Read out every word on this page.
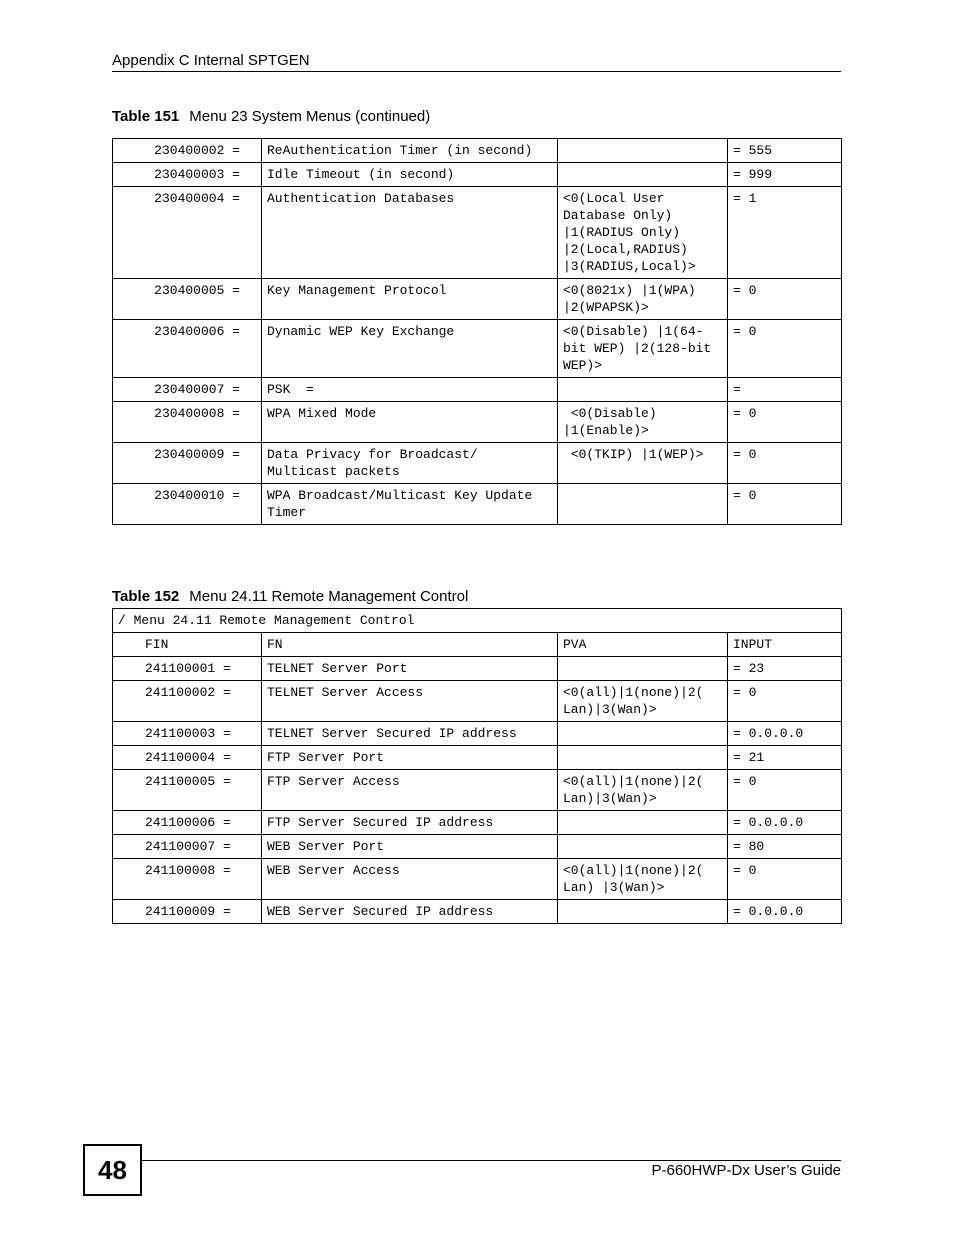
Appendix C Internal SPTGEN
Table 151 Menu 23 System Menus (continued)
230400002 =	ReAuthentication Timer (in second)		= 555
230400003 =	Idle Timeout (in second)		= 999
230400004 =	Authentication Databases	<0(Local User Database Only) |1(RADIUS Only) |2(Local,RADIUS) |3(RADIUS,Local)>	= 1
230400005 =	Key Management Protocol	<0(8021x) |1(WPA) |2(WPAPSK)>	= 0
230400006 =	Dynamic WEP Key Exchange	<0(Disable) |1(64-bit WEP) |2(128-bit WEP)>	= 0
230400007 =	PSK  =		=
230400008 =	WPA Mixed Mode	<0(Disable) |1(Enable)>	= 0
230400009 =	Data Privacy for Broadcast/ Multicast packets	<0(TKIP) |1(WEP)>	= 0
230400010 =	WPA Broadcast/Multicast Key Update Timer		= 0
Table 152 Menu 24.11 Remote Management Control
/ Menu 24.11 Remote Management Control			
FIN	FN	PVA	INPUT
241100001 =	TELNET Server Port		= 23
241100002 =	TELNET Server Access	<0(all)|1(none)|2( Lan)|3(Wan)>	= 0
241100003 =	TELNET Server Secured IP address		= 0.0.0.0
241100004 =	FTP Server Port		= 21
241100005 =	FTP Server Access	<0(all)|1(none)|2( Lan)|3(Wan)>	= 0
241100006 =	FTP Server Secured IP address		= 0.0.0.0
241100007 =	WEB Server Port		= 80
241100008 =	WEB Server Access	<0(all)|1(none)|2( Lan) |3(Wan)>	= 0
241100009 =	WEB Server Secured IP address		= 0.0.0.0
48	P-660HWP-Dx User’s Guide
